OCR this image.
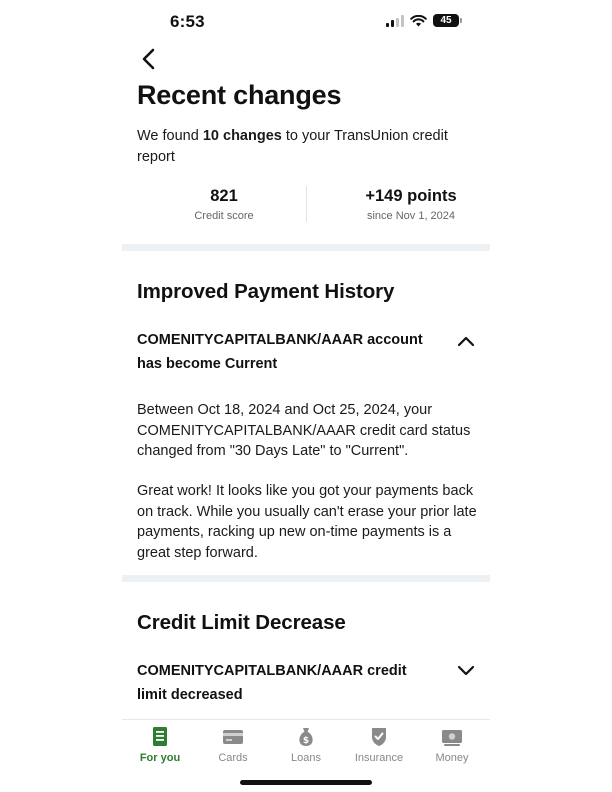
6:53	45
Recent changes
We found 10 changes to your TransUnion credit report
821
Credit score
+149 points
since Nov 1, 2024
Improved Payment History
COMENITYCAPITALBANK/AAAR account has become Current

Between Oct 18, 2024 and Oct 25, 2024, your COMENITYCAPITALBANK/AAAR credit card status changed from "30 Days Late" to "Current".

Great work! It looks like you got your payments back on track. While you usually can't erase your prior late payments, racking up new on-time payments is a great step forward.

Credit Limit Decrease
COMENITYCAPITALBANK/AAAR credit limit decreased
For you	Cards
$
Loans	Insurance	Money
